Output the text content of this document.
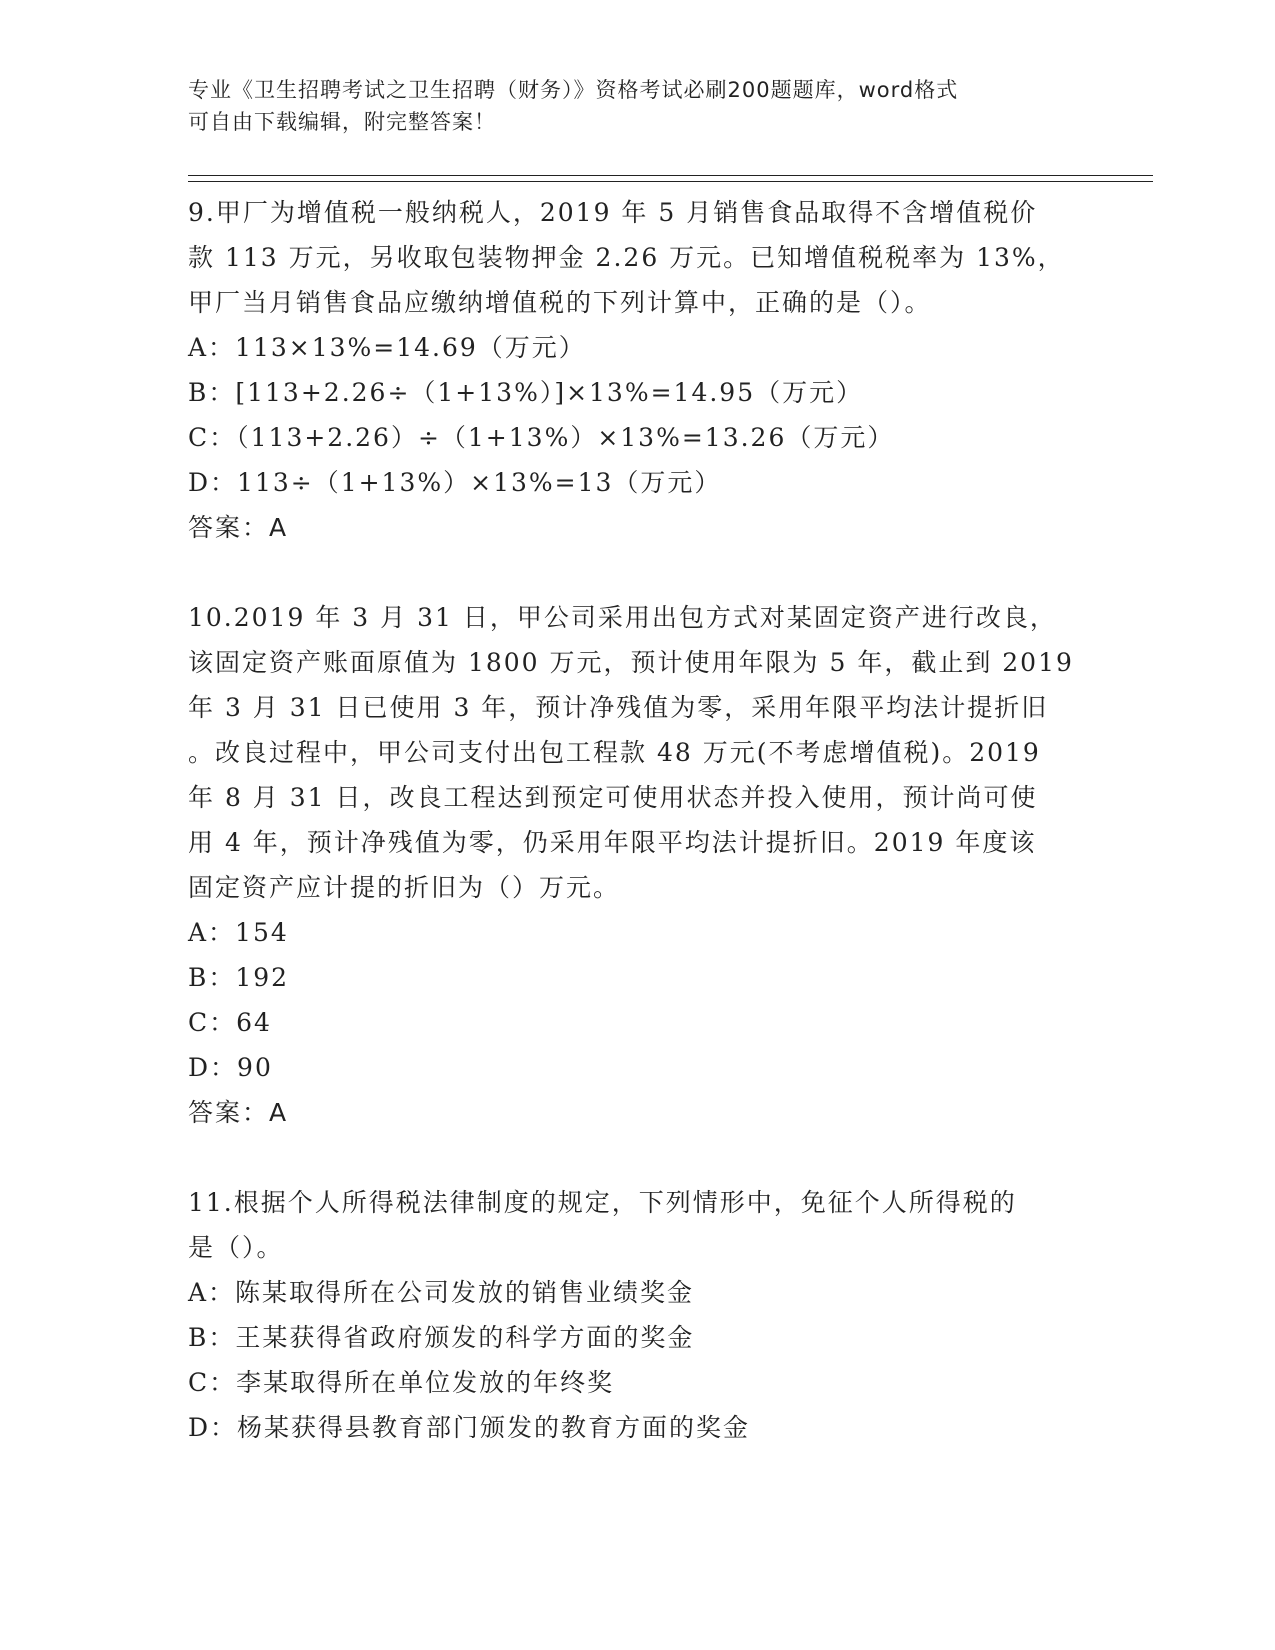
专业《卫生招聘考试之卫生招聘（财务）》资格考试必刷200题题库，word格式
可自由下载编辑，附完整答案！
9.甲厂为增值税一般纳税人，2019 年 5 月销售食品取得不含增值税价
款 113 万元，另收取包装物押金 2.26 万元。已知增值税税率为 13%，
甲厂当月销售食品应缴纳增值税的下列计算中，正确的是（）。
A：113×13%=14.69（万元）
B：[113+2.26÷（1+13%）]×13%=14.95（万元）
C：（113+2.26）÷（1+13%）×13%=13.26（万元）
D：113÷（1+13%）×13%=13（万元）
答案：A
10.2019 年 3 月 31 日，甲公司采用出包方式对某固定资产进行改良，
该固定资产账面原值为 1800 万元，预计使用年限为 5 年，截止到 2019
年 3 月 31 日已使用 3 年，预计净残值为零，采用年限平均法计提折旧
。改良过程中，甲公司支付出包工程款 48 万元(不考虑增值税)。2019
年 8 月 31 日，改良工程达到预定可使用状态并投入使用，预计尚可使
用 4 年，预计净残值为零，仍采用年限平均法计提折旧。2019 年度该
固定资产应计提的折旧为（）万元。
A：154
B：192
C：64
D：90
答案：A
11.根据个人所得税法律制度的规定，下列情形中，免征个人所得税的
是（）。
A：陈某取得所在公司发放的销售业绩奖金
B：王某获得省政府颁发的科学方面的奖金
C：李某取得所在单位发放的年终奖
D：杨某获得县教育部门颁发的教育方面的奖金
